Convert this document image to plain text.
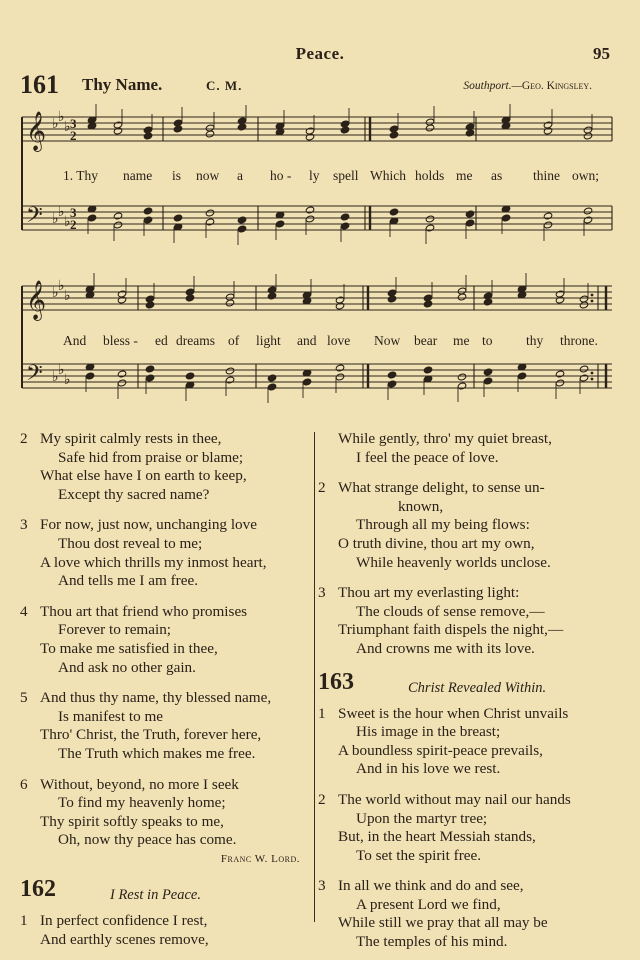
Peace.	95
161 Thy Name.	C. M.	Southport.—Geo. Kingsley.
𝄞
𝄢
♭ ♭
♭
♭ ♭
♭
3
2
3
2
𝄞
𝄢
♭ ♭
♭
♭ ♭
♭
1. Thy name is now a ho - ly spell Which holds me as thine own;
And bless - ed dreams of light and love Now bear me to thy throne.
2 My spirit calmly rests in thee,
Safe hid from praise or blame;
What else have I on earth to keep,
Except thy sacred name?
3 For now, just now, unchanging love
Thou dost reveal to me;
A love which thrills my inmost heart,
And tells me I am free.
4 Thou art that friend who promises
Forever to remain;
To make me satisfied in thee,
And ask no other gain.
5 And thus thy name, thy blessed name,
Is manifest to me
Thro' Christ, the Truth, forever here,
The Truth which makes me free.
6 Without, beyond, no more I seek
To find my heavenly home;
Thy spirit softly speaks to me,
Oh, now thy peace has come.
Franc W. Lord.
162	I Rest in Peace.
1 In perfect confidence I rest,
And earthly scenes remove,
While gently, thro' my quiet breast,
I feel the peace of love.
2 What strange delight, to sense un-
known,
Through all my being flows:
O truth divine, thou art my own,
While heavenly worlds unclose.
3 Thou art my everlasting light:
The clouds of sense remove,—
Triumphant faith dispels the night,—
And crowns me with its love.
163	Christ Revealed Within.
1 Sweet is the hour when Christ unvails
His image in the breast;
A boundless spirit-peace prevails,
And in his love we rest.
2 The world without may nail our hands
Upon the martyr tree;
But, in the heart Messiah stands,
To set the spirit free.
3 In all we think and do and see,
A present Lord we find,
While still we pray that all may be
The temples of his mind.
